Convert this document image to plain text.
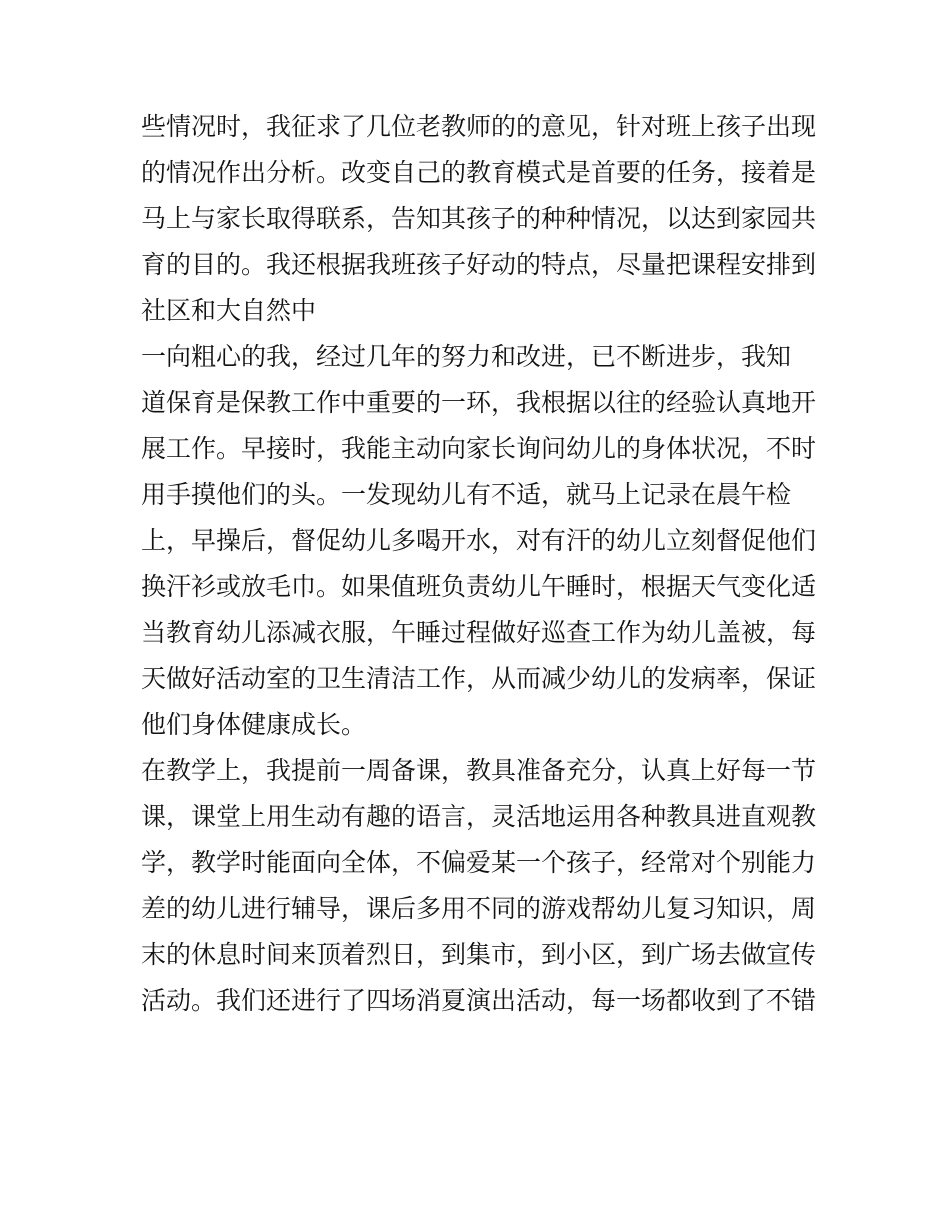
些情况时，我征求了几位老教师的的意见，针对班上孩子出现
的情况作出分析。改变自己的教育模式是首要的任务，接着是
马上与家长取得联系，告知其孩子的种种情况，以达到家园共
育的目的。我还根据我班孩子好动的特点，尽量把课程安排到
社区和大自然中
一向粗心的我，经过几年的努力和改进，已不断进步，我知
道保育是保教工作中重要的一环，我根据以往的经验认真地开
展工作。早接时，我能主动向家长询问幼儿的身体状况，不时
用手摸他们的头。一发现幼儿有不适，就马上记录在晨午检
上，早操后，督促幼儿多喝开水，对有汗的幼儿立刻督促他们
换汗衫或放毛巾。如果值班负责幼儿午睡时，根据天气变化适
当教育幼儿添减衣服，午睡过程做好巡查工作为幼儿盖被，每
天做好活动室的卫生清洁工作，从而减少幼儿的发病率，保证
他们身体健康成长。
在教学上，我提前一周备课，教具准备充分，认真上好每一节
课，课堂上用生动有趣的语言，灵活地运用各种教具进直观教
学，教学时能面向全体，不偏爱某一个孩子，经常对个别能力
差的幼儿进行辅导，课后多用不同的游戏帮幼儿复习知识，周
末的休息时间来顶着烈日，到集市，到小区，到广场去做宣传
活动。我们还进行了四场消夏演出活动，每一场都收到了不错
